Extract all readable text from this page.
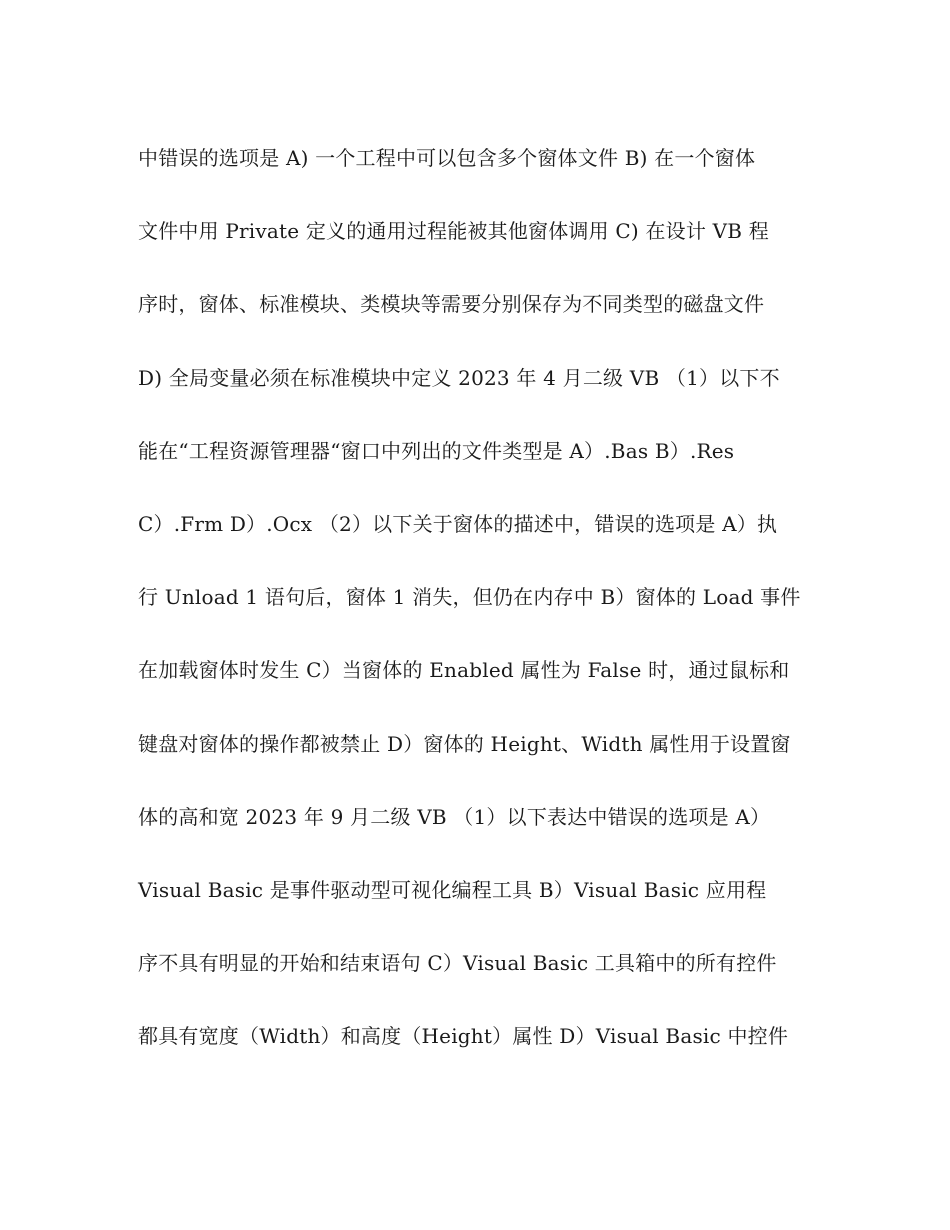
中错误的选项是 A) 一个工程中可以包含多个窗体文件 B) 在一个窗体
文件中用 Private 定义的通用过程能被其他窗体调用 C) 在设计 VB 程
序时，窗体、标准模块、类模块等需要分别保存为不同类型的磁盘文件
D) 全局变量必须在标准模块中定义 2023 年 4 月二级 VB （1）以下不
能在“工程资源管理器“窗口中列出的文件类型是 A）.Bas B）.Res
C）.Frm D）.Ocx （2）以下关于窗体的描述中，错误的选项是 A）执
行 Unload 1 语句后，窗体 1 消失，但仍在内存中 B）窗体的 Load 事件
在加载窗体时发生 C）当窗体的 Enabled 属性为 False 时，通过鼠标和
键盘对窗体的操作都被禁止 D）窗体的 Height、Width 属性用于设置窗
体的高和宽 2023 年 9 月二级 VB （1）以下表达中错误的选项是 A）
Visual Basic 是事件驱动型可视化编程工具 B）Visual Basic 应用程
序不具有明显的开始和结束语句 C）Visual Basic 工具箱中的所有控件
都具有宽度（Width）和高度（Height）属性 D）Visual Basic 中控件
